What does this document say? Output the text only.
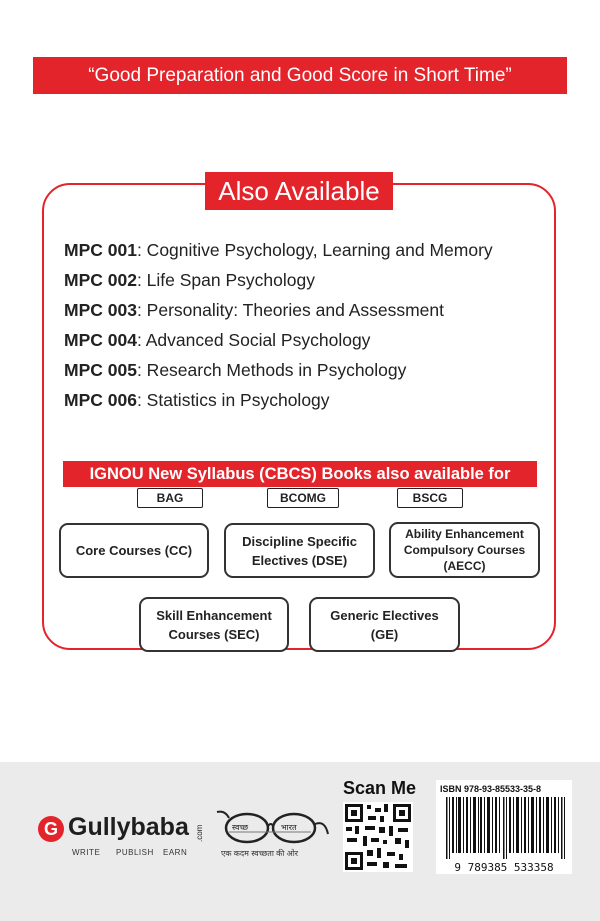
“Good Preparation and Good Score in Short Time”
Also Available
MPC 001: Cognitive Psychology, Learning and Memory
MPC 002: Life Span Psychology
MPC 003: Personality: Theories and Assessment
MPC 004: Advanced Social Psychology
MPC 005: Research Methods in Psychology
MPC 006: Statistics in Psychology
IGNOU New Syllabus (CBCS) Books also available for
BAG	BCOMG	BSCG
Core Courses (CC)
Discipline Specific
Electives (DSE)
Ability Enhancement
Compulsory Courses
(AECC)
Skill Enhancement
Courses (SEC)
Generic Electives
(GE)
G Gullybaba .com
WRITE PUBLISH EARN
स्वच्छ	भारत
एक कदम स्वच्छता की ओर
Scan Me	ISBN 978-93-85533-35-8
9 789385 533358
